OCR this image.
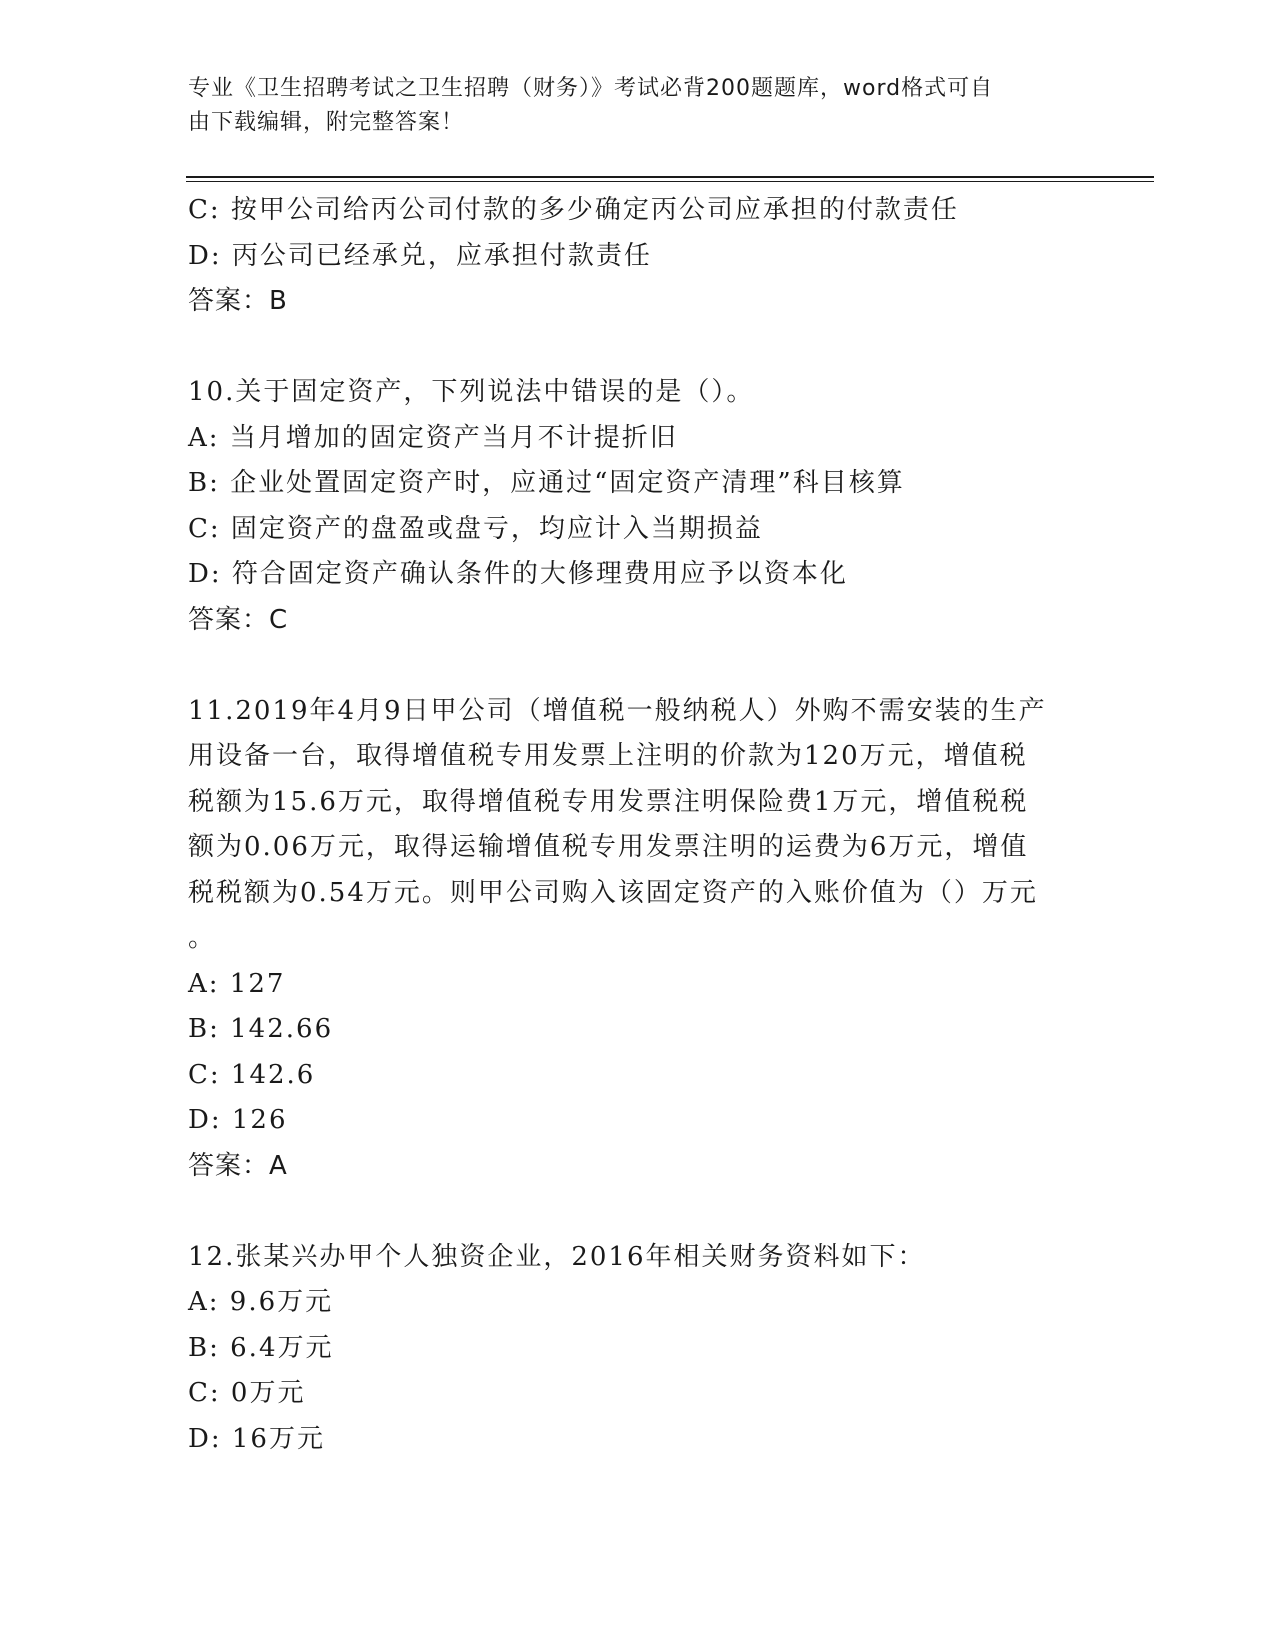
专业《卫生招聘考试之卫生招聘（财务）》考试必背200题题库，word格式可自
由下载编辑，附完整答案！
C: 按甲公司给丙公司付款的多少确定丙公司应承担的付款责任
D: 丙公司已经承兑，应承担付款责任
答案：B
10.关于固定资产，下列说法中错误的是（）。
A: 当月增加的固定资产当月不计提折旧
B: 企业处置固定资产时，应通过“固定资产清理”科目核算
C: 固定资产的盘盈或盘亏，均应计入当期损益
D: 符合固定资产确认条件的大修理费用应予以资本化
答案：C
11.2019年4月9日甲公司（增值税一般纳税人）外购不需安装的生产
用设备一台，取得增值税专用发票上注明的价款为120万元，增值税
税额为15.6万元，取得增值税专用发票注明保险费1万元，增值税税
额为0.06万元，取得运输增值税专用发票注明的运费为6万元，增值
税税额为0.54万元。则甲公司购入该固定资产的入账价值为（）万元
。
A: 127
B: 142.66
C: 142.6
D: 126
答案：A
12.张某兴办甲个人独资企业，2016年相关财务资料如下：
A: 9.6万元
B: 6.4万元
C: 0万元
D: 16万元
